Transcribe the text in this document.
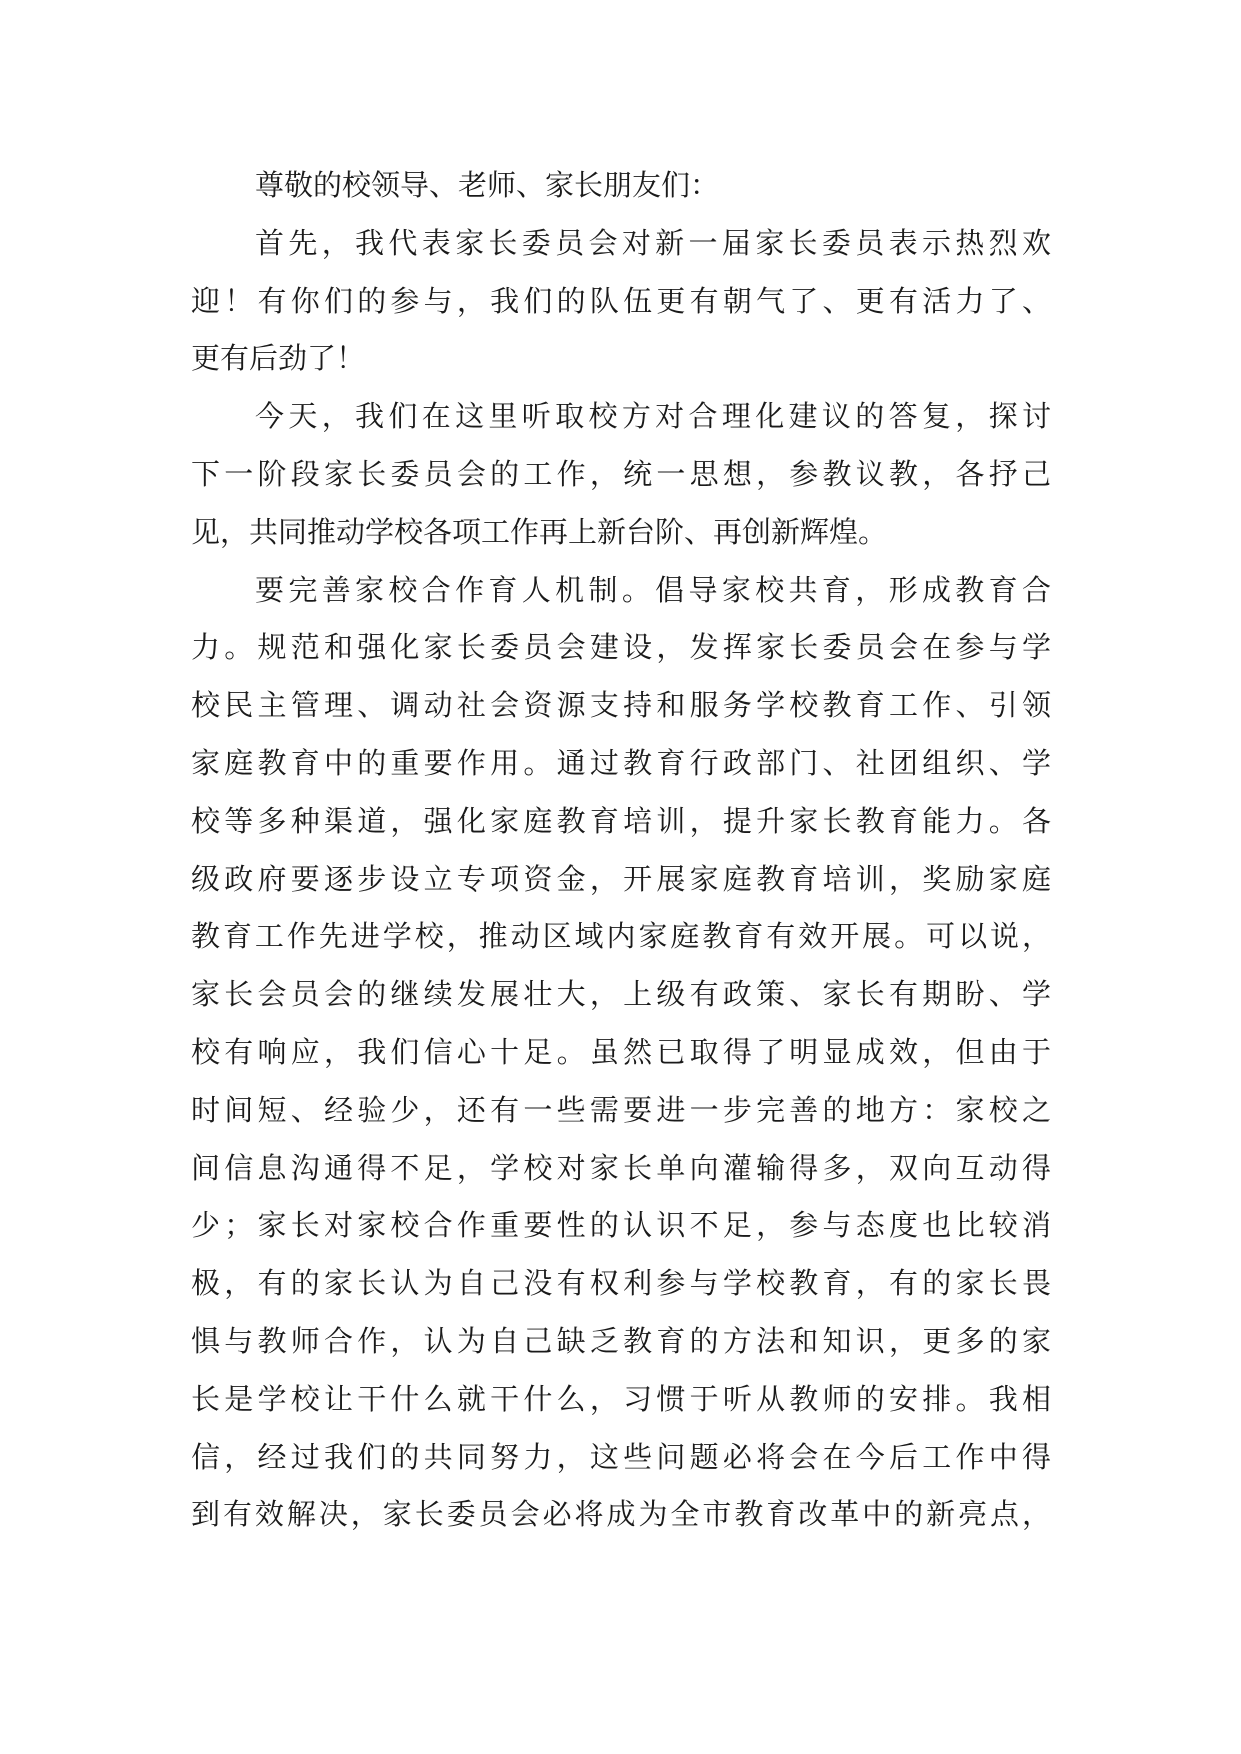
尊敬的校领导、老师、家长朋友们：
首先，我代表家长委员会对新一届家长委员表示热烈欢
迎！有你们的参与，我们的队伍更有朝气了、更有活力了、
更有后劲了！
今天，我们在这里听取校方对合理化建议的答复，探讨
下一阶段家长委员会的工作，统一思想，参教议教，各抒己
见，共同推动学校各项工作再上新台阶、再创新辉煌。
要完善家校合作育人机制。倡导家校共育，形成教育合
力。规范和强化家长委员会建设，发挥家长委员会在参与学
校民主管理、调动社会资源支持和服务学校教育工作、引领
家庭教育中的重要作用。通过教育行政部门、社团组织、学
校等多种渠道，强化家庭教育培训，提升家长教育能力。各
级政府要逐步设立专项资金，开展家庭教育培训，奖励家庭
教育工作先进学校，推动区域内家庭教育有效开展。可以说，
家长会员会的继续发展壮大，上级有政策、家长有期盼、学
校有响应，我们信心十足。虽然已取得了明显成效，但由于
时间短、经验少，还有一些需要进一步完善的地方：家校之
间信息沟通得不足，学校对家长单向灌输得多，双向互动得
少；家长对家校合作重要性的认识不足，参与态度也比较消
极，有的家长认为自己没有权利参与学校教育，有的家长畏
惧与教师合作，认为自己缺乏教育的方法和知识，更多的家
长是学校让干什么就干什么，习惯于听从教师的安排。我相
信，经过我们的共同努力，这些问题必将会在今后工作中得
到有效解决，家长委员会必将成为全市教育改革中的新亮点，
